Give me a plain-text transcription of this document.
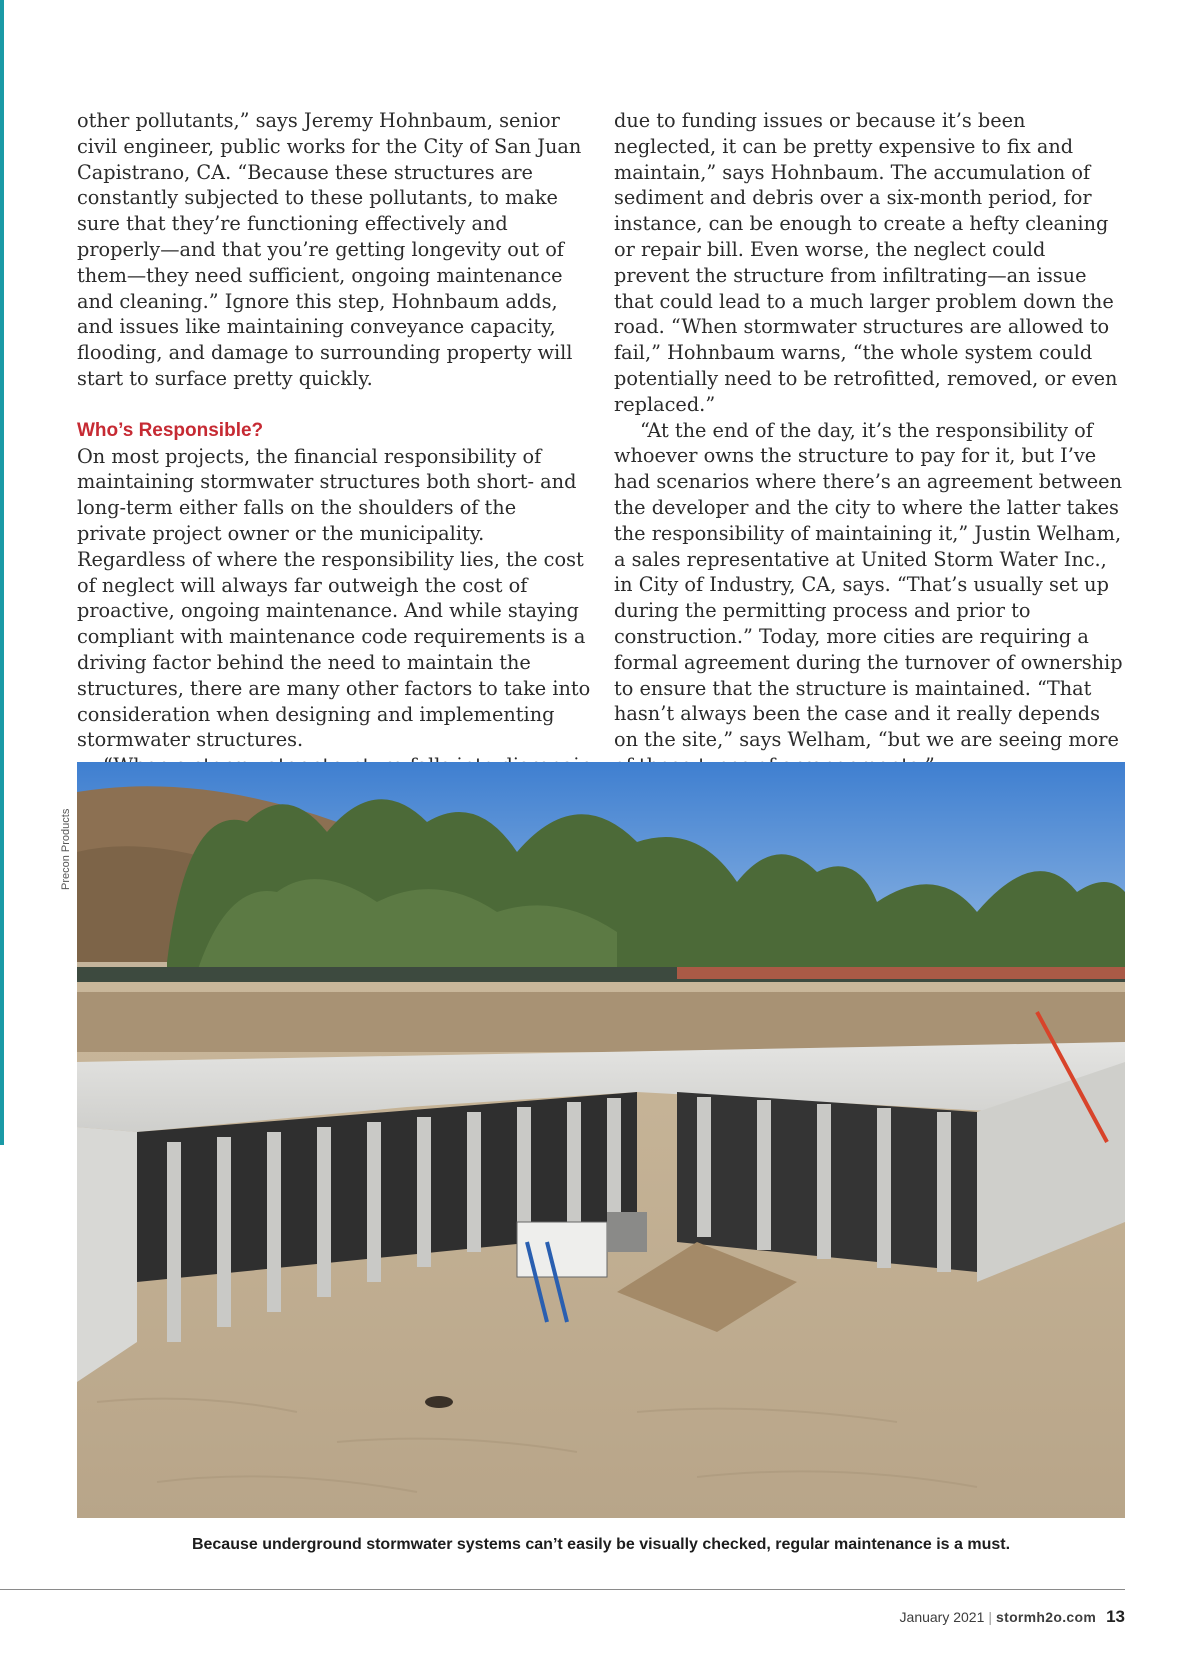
other pollutants,” says Jeremy Hohnbaum, senior civil engineer, public works for the City of San Juan Capistrano, CA. “Because these structures are constantly subjected to these pollutants, to make sure that they’re functioning effectively and properly—and that you’re getting longevity out of them—they need sufficient, ongoing maintenance and cleaning.” Ignore this step, Hohnbaum adds, and issues like maintaining conveyance capacity, flooding, and damage to surrounding property will start to surface pretty quickly.

Who’s Responsible?

On most projects, the financial responsibility of maintaining stormwater structures both short- and long-term either falls on the shoulders of the private project owner or the municipality. Regardless of where the responsibility lies, the cost of neglect will always far outweigh the cost of proactive, ongoing maintenance. And while staying compliant with maintenance code requirements is a driving factor behind the need to maintain the structures, there are many other factors to take into consideration when designing and implementing stormwater structures.

due to funding issues or because it’s been neglected, it can be pretty expensive to fix and maintain,” says Hohnbaum. The accumulation of sediment and debris over a six-month period, for instance, can be enough to create a hefty cleaning or repair bill. Even worse, the neglect could prevent the structure from infiltrating—an issue that could lead to a much larger problem down the road. “When stormwater structures are allowed to fail,” Hohnbaum warns, “the whole system could potentially need to be retrofitted, removed, or even replaced.”

“At the end of the day, it’s the responsibility of whoever owns the structure to pay for it, but I’ve had scenarios where there’s an agreement between the developer and the city to where the latter takes the responsibility of maintaining it,” Justin Welham, a sales representative at United Storm Water Inc., in City of Industry, CA, says. “That’s usually set up during the permitting process and prior to construction.” Today, more cities are requiring a formal agreement during the turnover of ownership to ensure that the structure is maintained. “That hasn’t always been the case and it really depends on the site,” says Welham, “but we are seeing more

Precon Products
Because underground stormwater systems can’t easily be visually checked, regular maintenance is a must.
January 2021 | stormh2o.com 13
